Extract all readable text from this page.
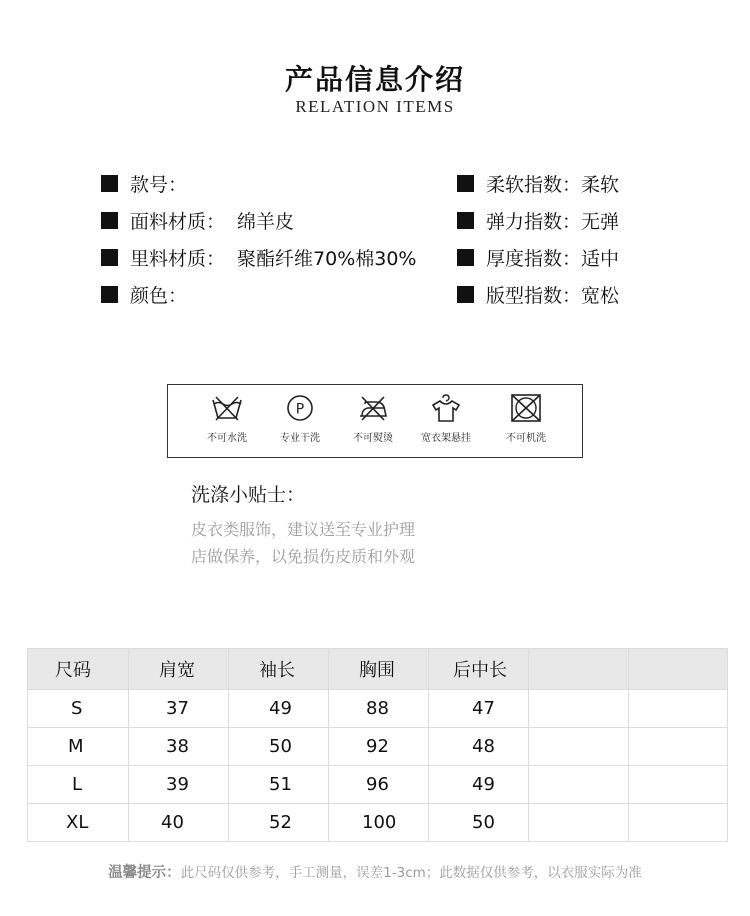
产品信息介绍
RELATION ITEMS
款号：
面料材质： 绵羊皮
里料材质： 聚酯纤维70%棉30%
颜色：
柔软指数： 柔软
弹力指数： 无弹
厚度指数： 适中
版型指数： 宽松
不可水洗
P
专业干洗	不可熨烫	宽衣架悬挂	不可机洗
洗涤小贴士：
皮衣类服饰，建议送至专业护理
店做保养，以免损伤皮质和外观
尺码	肩宽	袖长	胸围	后中长		
S	37	49	88	47		
M	38	50	92	48		
L	39	51	96	49		
XL	40	52	100	50		
温馨提示：此尺码仅供参考，手工测量，误差1-3cm；此数据仅供参考，以衣服实际为准
